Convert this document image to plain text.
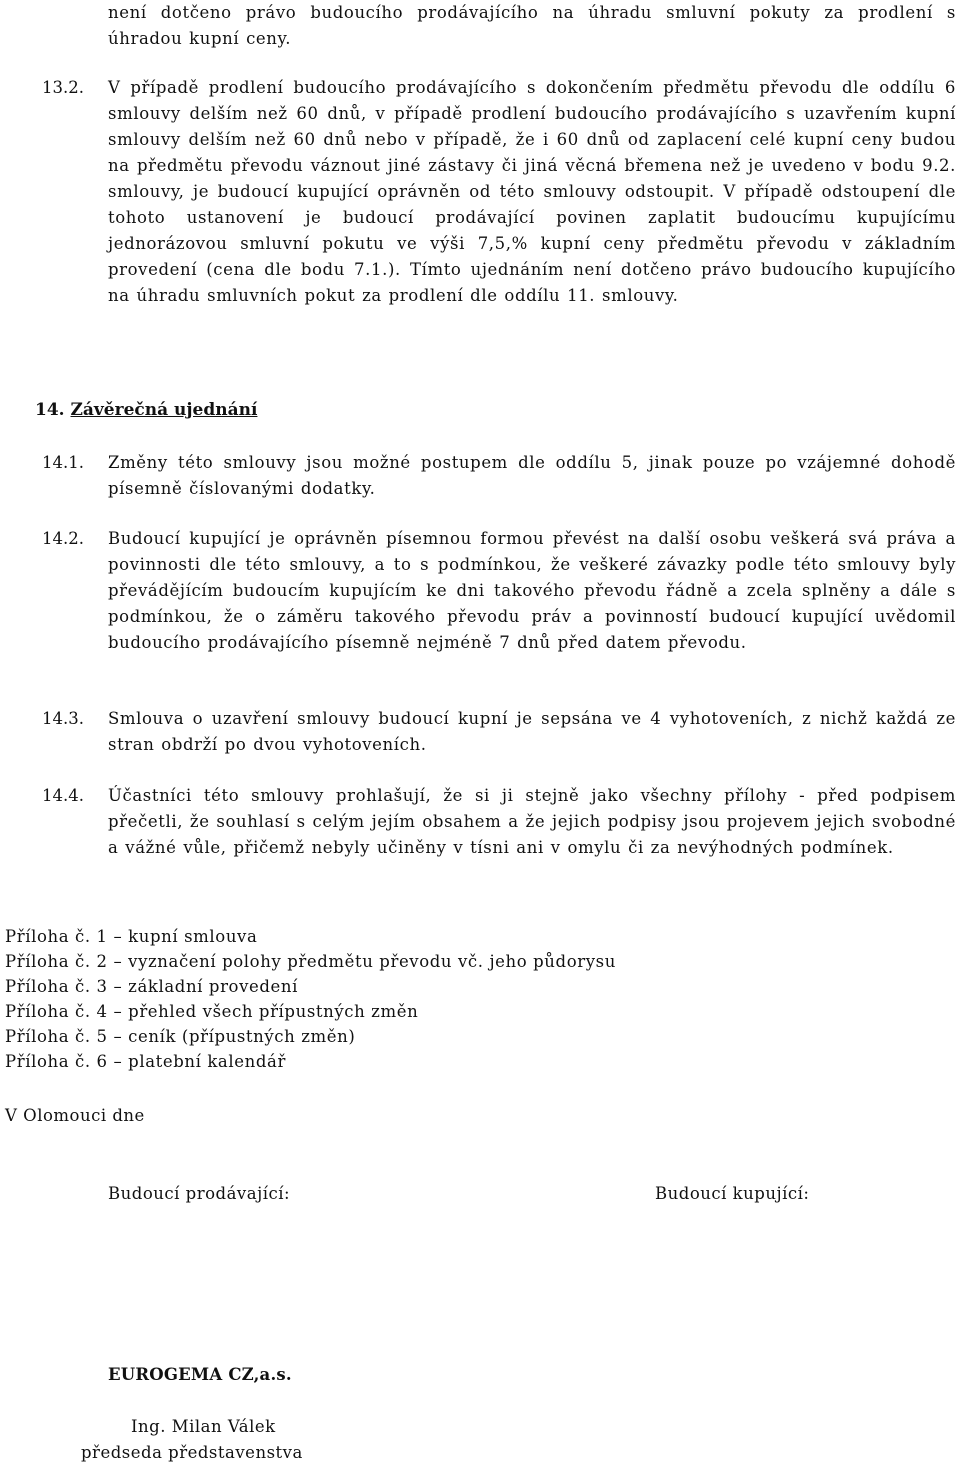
není dotčeno právo budoucího prodávajícího na úhradu smluvní pokuty za prodlení s úhradou kupní ceny.
13.2. V případě prodlení budoucího prodávajícího s dokončením předmětu převodu dle oddílu 6 smlouvy delším než 60 dnů, v případě prodlení budoucího prodávajícího s uzavřením kupní smlouvy delším než 60 dnů nebo v případě, že i 60 dnů od zaplacení celé kupní ceny budou na předmětu převodu váznout jiné zástavy či jiná věcná břemena než je uvedeno v bodu 9.2. smlouvy, je budoucí kupující oprávněn od této smlouvy odstoupit. V případě odstoupení dle tohoto ustanovení je budoucí prodávající povinen zaplatit budoucímu kupujícímu jednorázovou smluvní pokutu ve výši 7,5,% kupní ceny předmětu převodu v základním provedení (cena dle bodu 7.1.). Tímto ujednáním není dotčeno právo budoucího kupujícího na úhradu smluvních pokut za prodlení dle oddílu 11. smlouvy.
14. Závěrečná ujednání
14.1. Změny této smlouvy jsou možné postupem dle oddílu 5, jinak pouze po vzájemné dohodě písemně číslovanými dodatky.
14.2. Budoucí kupující je oprávněn písemnou formou převést na další osobu veškerá svá práva a povinnosti dle této smlouvy, a to s podmínkou, že veškeré závazky podle této smlouvy byly převádějícím budoucím kupujícím ke dni takového převodu řádně a zcela splněny a dále s podmínkou, že o záměru takového převodu práv a povinností budoucí kupující uvědomil budoucího prodávajícího písemně nejméně 7 dnů před datem převodu.
14.3. Smlouva o uzavření smlouvy budoucí kupní je sepsána ve 4 vyhotoveních, z nichž každá ze stran obdrží po dvou vyhotoveních.
14.4. Účastníci této smlouvy prohlašují, že si ji stejně jako všechny přílohy - před podpisem přečetli, že souhlasí s celým jejím obsahem a že jejich podpisy jsou projevem jejich svobodné a vážné vůle, přičemž nebyly učiněny v tísni ani v omylu či za nevýhodných podmínek.
Příloha č. 1 – kupní smlouva
Příloha č. 2 – vyznačení polohy předmětu převodu vč. jeho půdorysu
Příloha č. 3 – základní provedení
Příloha č. 4 – přehled všech přípustných změn
Příloha č. 5 – ceník (přípustných změn)
Příloha č. 6 – platební kalendář
V Olomouci dne
Budoucí prodávající:	Budoucí kupující:
EUROGEMA CZ,a.s.
Ing. Milan Válek
předseda představenstva
